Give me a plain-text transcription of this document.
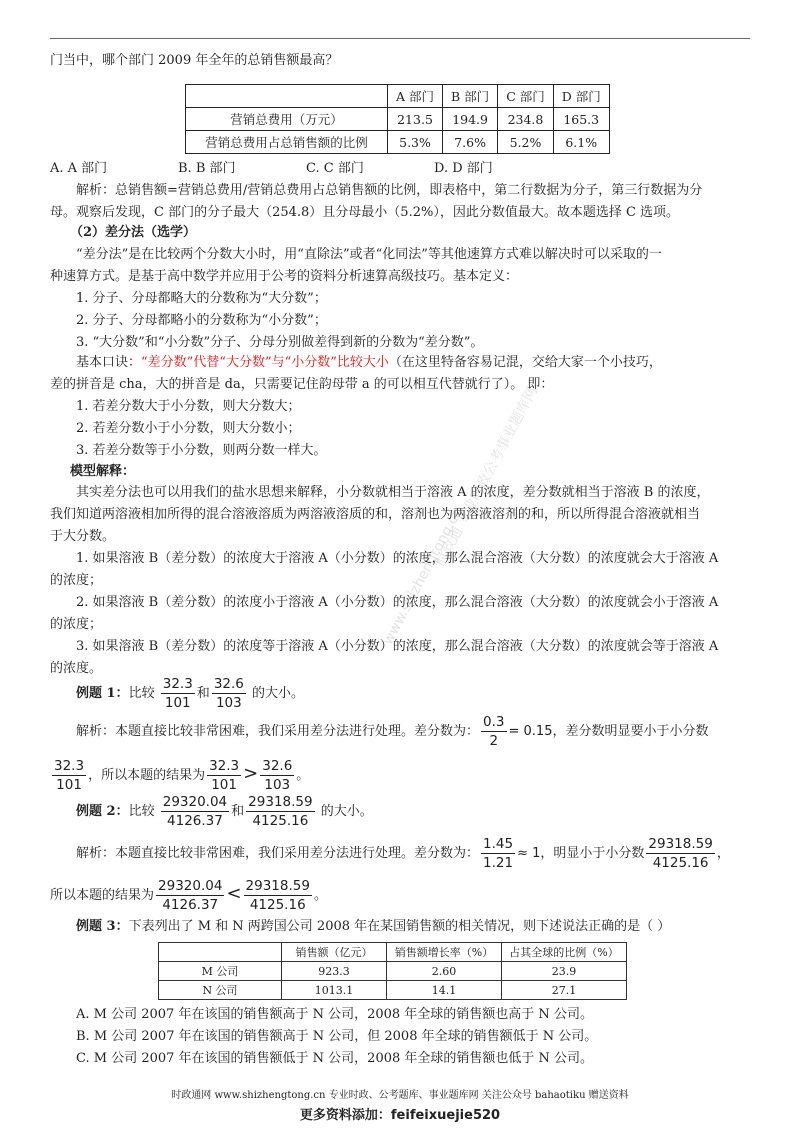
门当中，哪个部门 2009 年全年的总销售额最高？
	A 部门	B 部门	C 部门	D 部门
营销总费用（万元）	213.5	194.9	234.8	165.3
营销总费用占总销售额的比例	5.3%	7.6%	5.2%	6.1%
A. A 部门	B. B 部门	C. C 部门	D. D 部门
解析：总销售额=营销总费用/营销总费用占总销售额的比例，即表格中，第二行数据为分子，第三行数据为分
母。观察后发现，C 部门的分子最大（254.8）且分母最小（5.2%），因此分数值最大。故本题选择 C 选项。
（2）差分法（选学）
“差分法”是在比较两个分数大小时，用“直除法”或者“化同法”等其他速算方式难以解决时可以采取的一
种速算方式。是基于高中数学并应用于公考的资料分析速算高级技巧。基本定义：
1. 分子、分母都略大的分数称为“大分数”；
2. 分子、分母都略小的分数称为“小分数”；
3. “大分数”和“小分数”分子、分母分别做差得到新的分数为“差分数”。
基本口诀：“差分数”代替“大分数”与“小分数”比较大小（在这里特备容易记混，交给大家一个小技巧，
差的拼音是 cha，大的拼音是 da，只需要记住韵母带 a 的可以相互代替就行了）。 即：
1. 若差分数大于小分数，则大分数大；
2. 若差分数小于小分数，则大分数小；
3. 若差分数等于小分数，则两分数一样大。
模型解释：
其实差分法也可以用我们的盐水思想来解释，小分数就相当于溶液 A 的浓度，差分数就相当于溶液 B 的浓度，
我们知道两溶液相加所得的混合溶液溶质为两溶液溶质的和，溶剂也为两溶液溶剂的和，所以所得混合溶液就相当
于大分数。
1. 如果溶液 B（差分数）的浓度大于溶液 A（小分数）的浓度，那么混合溶液（大分数）的浓度就会大于溶液 A
的浓度；
2. 如果溶液 B（差分数）的浓度小于溶液 A（小分数）的浓度，那么混合溶液（大分数）的浓度就会小于溶液 A
的浓度；
3. 如果溶液 B（差分数）的浓度等于溶液 A（小分数）的浓度，那么混合溶液（大分数）的浓度就会等于溶液 A
的浓度。
例题 1：比较 $\frac{32.3}{101}$ 和 $\frac{32.6}{103}$ 的大小。
解析：本题直接比较非常困难，我们采用差分法进行处理。差分数为： $\frac{0.3}{2} = 0.15$，差分数明显要小于小分数
$\frac{32.3}{101}$ ，所以本题的结果为 $\frac{32.3}{101} > \frac{32.6}{103}$ 。
例题 2：比较 $\frac{29320.04}{4126.37}$ 和 $\frac{29318.59}{4125.16}$ 的大小。
解析：本题直接比较非常困难，我们采用差分法进行处理。差分数为： $\frac{1.45}{1.21} \approx 1$，明显小于小分数 $\frac{29318.59}{4125.16}$ ，
所以本题的结果为 $\frac{29320.04}{4126.37} < \frac{29318.59}{4125.16}$ 。
例题 3：下表列出了 M 和 N 两跨国公司 2008 年在某国销售额的相关情况，则下述说法正确的是（ ）
	销售额（亿元）	销售额增长率（%）	占其全球的比例（%）
M 公司	923.3	2.60	23.9
N 公司	1013.1	14.1	27.1
A. M 公司 2007 年在该国的销售额高于 N 公司，2008 年全球的销售额也高于 N 公司。
B. M 公司 2007 年在该国的销售额高于 N 公司，但 2008 年全球的销售额低于 N 公司。
C. M 公司 2007 年在该国的销售额低于 N 公司，2008 年全球的销售额也低于 N 公司。
www.shizhengtong.cn
时政通 专业时政公考事业题库网
时政通网 www.shizhengtong.cn 专业时政、公考题库、事业题库网 关注公众号 bahaotiku 赠送资料
更多资料添加：feifeixuejie520
